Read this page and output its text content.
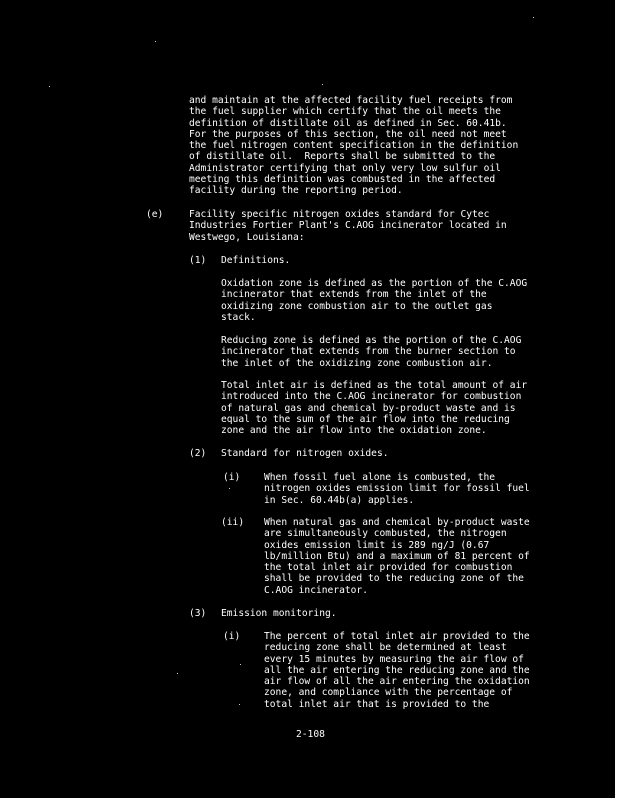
and maintain at the affected facility fuel receipts from
the fuel supplier which certify that the oil meets the
definition of distillate oil as defined in Sec. 60.41b.
For the purposes of this section, the oil need not meet
the fuel nitrogen content specification in the definition
of distillate oil.  Reports shall be submitted to the
Administrator certifying that only very low sulfur oil
meeting this definition was combusted in the affected
facility during the reporting period.

(e)	Facility specific nitrogen oxides standard for Cytec
Industries Fortier Plant's C.AOG incinerator located in
Westwego, Louisiana:

(1) Definitions.

Oxidation zone is defined as the portion of the C.AOG
incinerator that extends from the inlet of the
oxidizing zone combustion air to the outlet gas
stack.

Reducing zone is defined as the portion of the C.AOG
incinerator that extends from the burner section to
the inlet of the oxidizing zone combustion air.

Total inlet air is defined as the total amount of air
introduced into the C.AOG incinerator for combustion
of natural gas and chemical by-product waste and is
equal to the sum of the air flow into the reducing
zone and the air flow into the oxidation zone.

(2) Standard for nitrogen oxides.

(i) When fossil fuel alone is combusted, the
nitrogen oxides emission limit for fossil fuel
in Sec. 60.44b(a) applies.

(ii) When natural gas and chemical by-product waste
are simultaneously combusted, the nitrogen
oxides emission limit is 289 ng/J (0.67
lb/million Btu) and a maximum of 81 percent of
the total inlet air provided for combustion
shall be provided to the reducing zone of the
C.AOG incinerator.

(3) Emission monitoring.

(i) The percent of total inlet air provided to the
reducing zone shall be determined at least
every 15 minutes by measuring the air flow of
all the air entering the reducing zone and the
air flow of all the air entering the oxidation
zone, and compliance with the percentage of
total inlet air that is provided to the

2-108
